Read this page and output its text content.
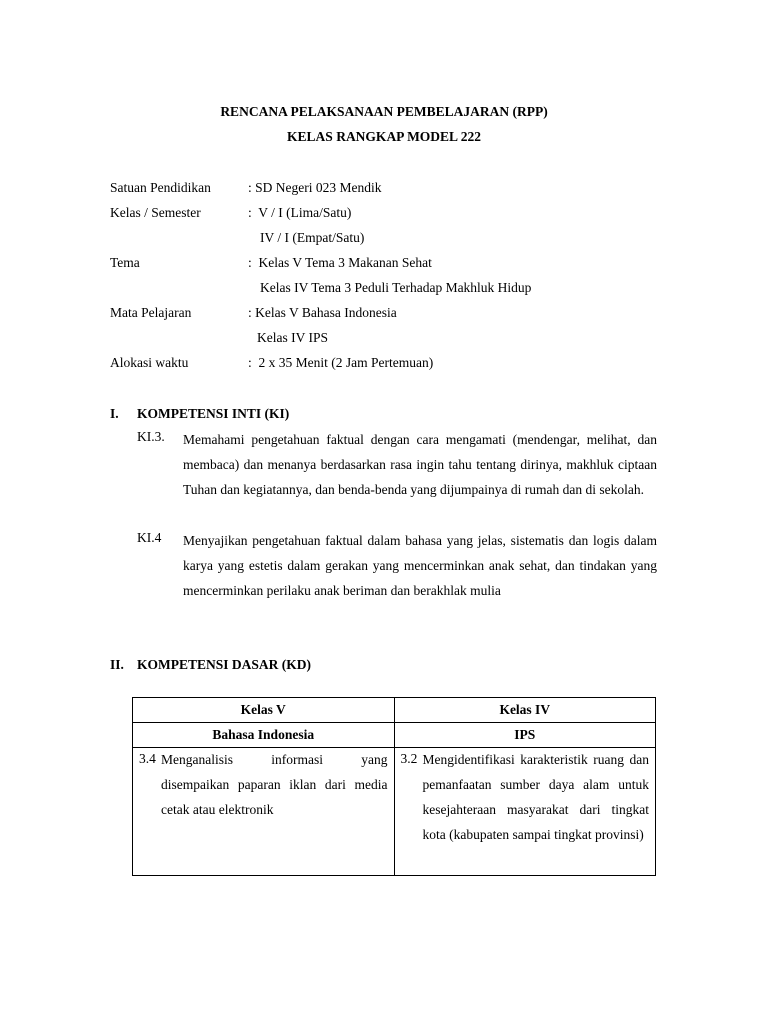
RENCANA PELAKSANAAN PEMBELAJARAN (RPP)
KELAS RANGKAP MODEL 222
Satuan Pendidikan	: SD Negeri 023 Mendik
Kelas / Semester	:  V / I (Lima/Satu)
IV / I (Empat/Satu)
Tema	:  Kelas V Tema 3 Makanan Sehat
Kelas IV Tema 3 Peduli Terhadap Makhluk Hidup
Mata Pelajaran	: Kelas V Bahasa Indonesia
Kelas IV IPS
Alokasi waktu	:  2 x 35 Menit (2 Jam Pertemuan)
I. KOMPETENSI INTI (KI)
KI.3. Memahami pengetahuan faktual dengan cara mengamati (mendengar, melihat, dan membaca) dan menanya berdasarkan rasa ingin tahu tentang dirinya, makhluk ciptaan Tuhan dan kegiatannya, dan benda-benda yang dijumpainya di rumah dan di sekolah.
KI.4 Menyajikan pengetahuan faktual dalam bahasa yang jelas, sistematis dan logis dalam karya yang estetis dalam gerakan yang mencerminkan anak sehat, dan tindakan yang mencerminkan perilaku anak beriman dan berakhlak mulia
II. KOMPETENSI DASAR (KD)
Kelas V	Kelas IV
Bahasa Indonesia	IPS

3.4 Menganalisis informasi yang disempaikan paparan iklan dari media cetak atau elektronik	3.2 Mengidentifikasi karakteristik ruang dan pemanfaatan sumber daya alam untuk kesejahteraan masyarakat dari tingkat kota (kabupaten sampai tingkat provinsi)
